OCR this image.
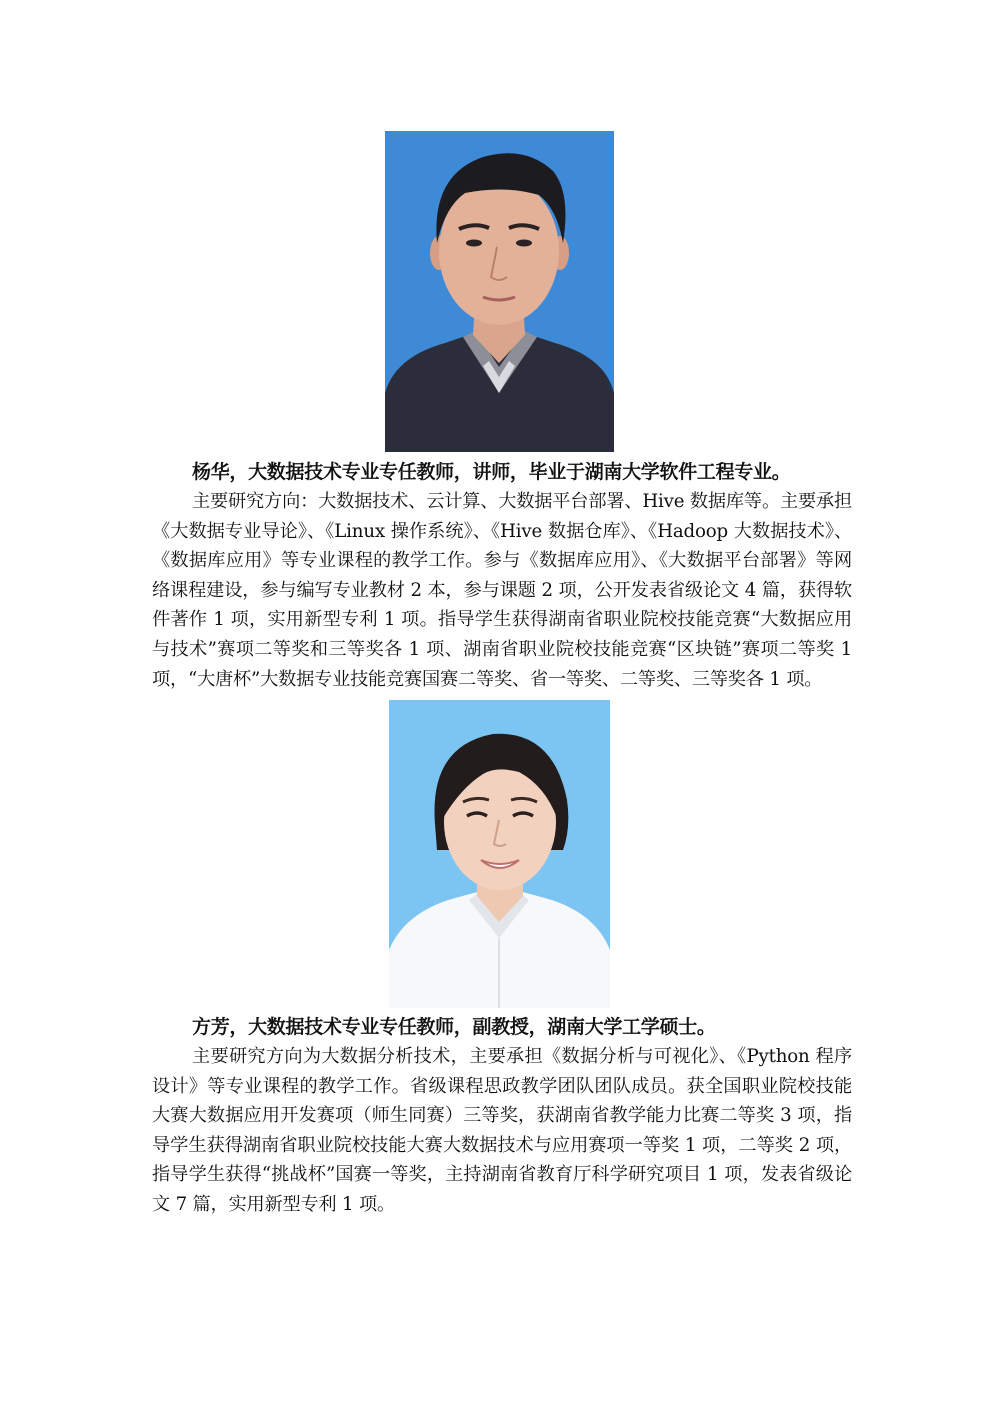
杨华，大数据技术专业专任教师，讲师，毕业于湖南大学软件工程专业。

主要研究方向：大数据技术、云计算、大数据平台部署、Hive 数据库等。主要承担《大数据专业导论》、《Linux 操作系统》、《Hive 数据仓库》、《Hadoop 大数据技术》、《数据库应用》等专业课程的教学工作。参与《数据库应用》、《大数据平台部署》等网络课程建设，参与编写专业教材 2 本，参与课题 2 项，公开发表省级论文 4 篇，获得软件著作 1 项，实用新型专利 1 项。指导学生获得湖南省职业院校技能竞赛“大数据应用与技术”赛项二等奖和三等奖各 1 项、湖南省职业院校技能竞赛“区块链”赛项二等奖 1 项，“大唐杯”大数据专业技能竞赛国赛二等奖、省一等奖、二等奖、三等奖各 1 项。

方芳，大数据技术专业专任教师，副教授，湖南大学工学硕士。

主要研究方向为大数据分析技术，主要承担《数据分析与可视化》、《Python 程序设计》等专业课程的教学工作。省级课程思政教学团队团队成员。获全国职业院校技能大赛大数据应用开发赛项（师生同赛）三等奖，获湖南省教学能力比赛二等奖 3 项，指导学生获得湖南省职业院校技能大赛大数据技术与应用赛项一等奖 1 项，二等奖 2 项，指导学生获得“挑战杯”国赛一等奖，主持湖南省教育厅科学研究项目 1 项，发表省级论文 7 篇，实用新型专利 1 项。
